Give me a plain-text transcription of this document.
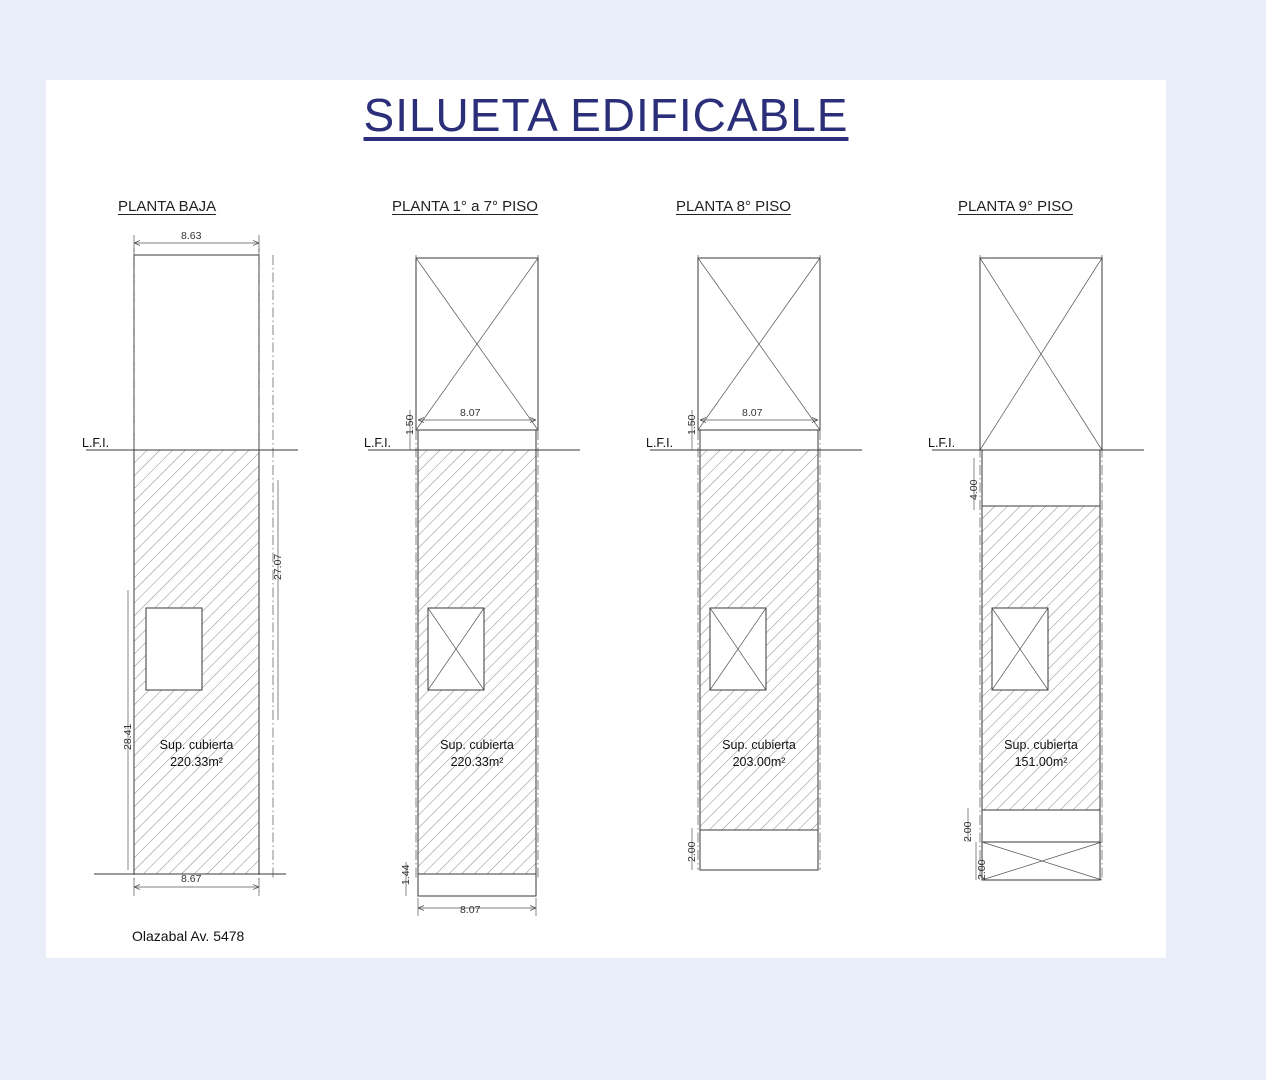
SILUETA EDIFICABLE
PLANTA BAJA	PLANTA 1° a 7° PISO	PLANTA 8° PISO	PLANTA 9° PISO
L.F.I.	L.F.I.	L.F.I.	L.F.I.
Sup. cubierta
220.33m²
Sup. cubierta
220.33m²
Sup. cubierta
203.00m²
Sup. cubierta
151.00m²
8.63
8.67
28.41
27.07
8.07
8.07
1.50
1.44
8.07
1.50
2.00
4.00
2.00
2.00
Olazabal Av. 5478
